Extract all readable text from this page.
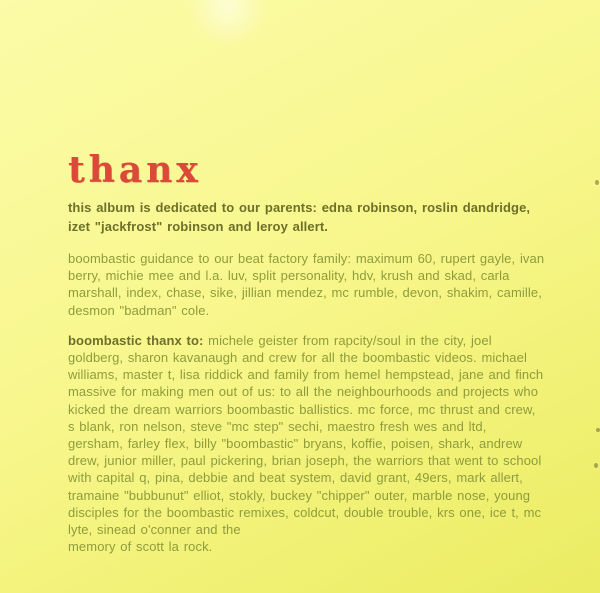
thanx

this album is dedicated to our parents: edna robinson, roslin dandridge, izet "jackfrost" robinson and leroy allert.

boombastic guidance to our beat factory family: maximum 60, rupert gayle, ivan berry, michie mee and l.a. luv, split personality, hdv, krush and skad, carla marshall, index, chase, sike, jillian mendez, mc rumble, devon, shakim, camille, desmon "badman" cole.

boombastic thanx to: michele geister from rapcity/soul in the city, joel goldberg, sharon kavanaugh and crew for all the boombastic videos. michael williams, master t, lisa riddick and family from hemel hempstead, jane and finch massive for making men out of us: to all the neighbourhoods and projects who kicked the dream warriors boombastic ballistics. mc force, mc thrust and crew, s blank, ron nelson, steve "mc step" sechi, maestro fresh wes and ltd, gersham, farley flex, billy "boombastic" bryans, koffie, poisen, shark, andrew drew, junior miller, paul pickering, brian joseph, the warriors that went to school with capital q, pina, debbie and beat system, david grant, 49ers, mark allert, tramaine "bubbunut" elliot, stokly, buckey "chipper" outer, marble nose, young disciples for the boombastic remixes, coldcut, double trouble, krs one, ice t, mc lyte, sinead o'conner and the
memory of scott la rock.
